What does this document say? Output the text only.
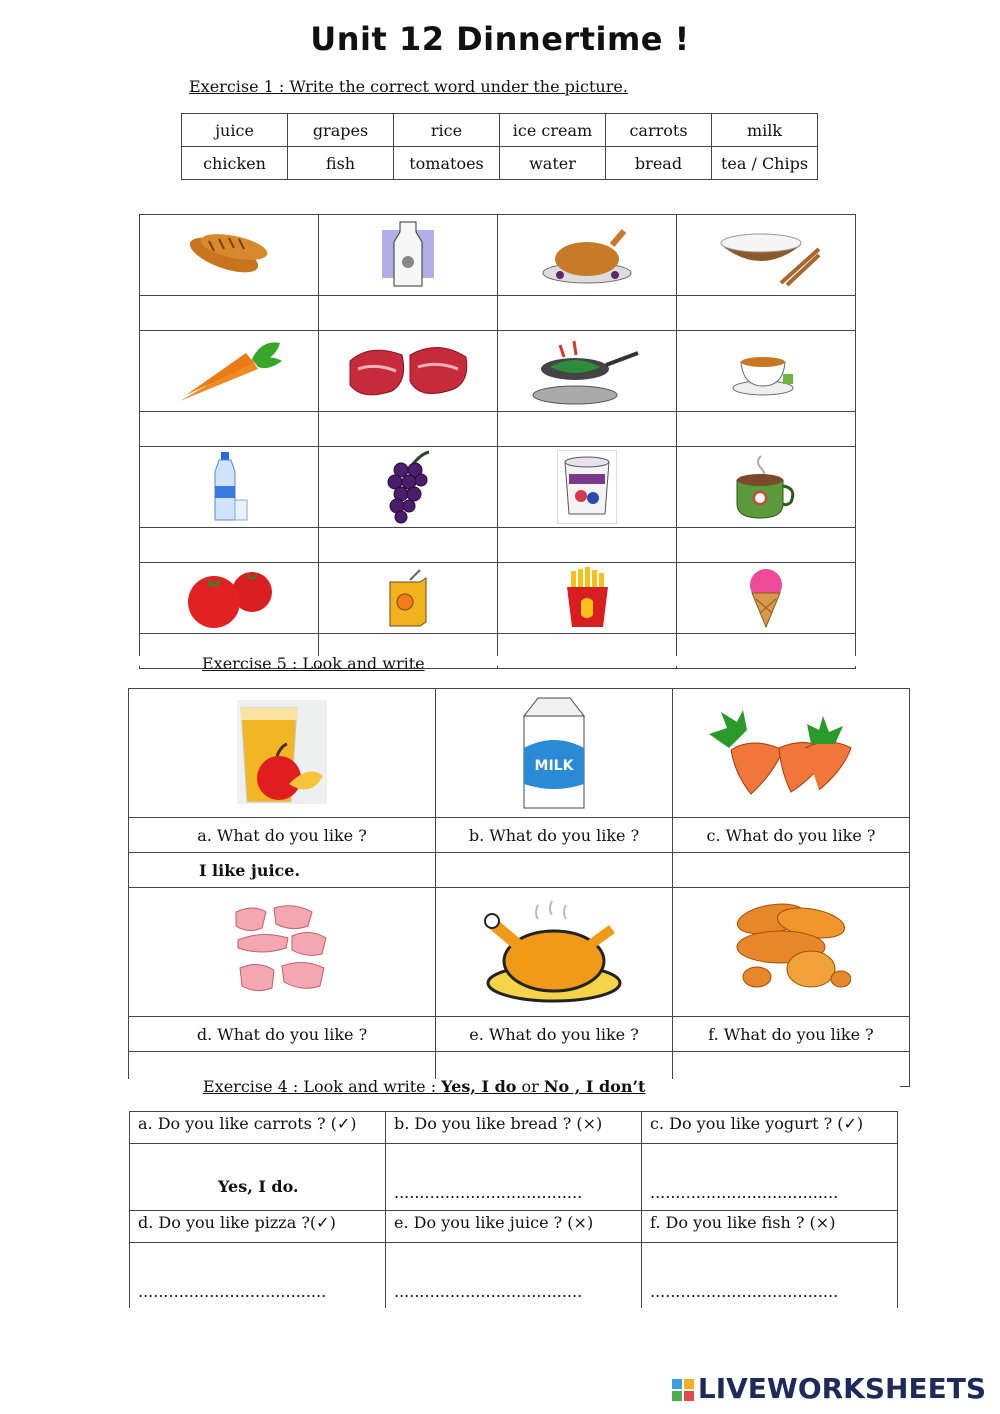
Unit 12 Dinnertime !
Exercise 1 : Write the correct word under the picture.
juice	grapes	rice	ice cream	carrots	milk
chicken	fish	tomatoes	water	bread	tea / Chips

Exercise 5 : Look and write

MILK

a. What do you like ?	b. What do you like ?	c. What do you like ?
I like juice.		

d. What do you like ?	e. What do you like ?	f. What do you like ?

Exercise 4 : Look and write : Yes, I do or No , I don’t
a. Do you like carrots ? (✓)	b. Do you like bread ? (×)	c. Do you like yogurt ? (✓)

Yes, I do.	.....................................	.....................................

d. Do you like pizza ?(✓)	e. Do you like juice ? (×)	f. Do you like fish ? (×)

.....................................	.....................................	.....................................
LIVEWORKSHEETS
